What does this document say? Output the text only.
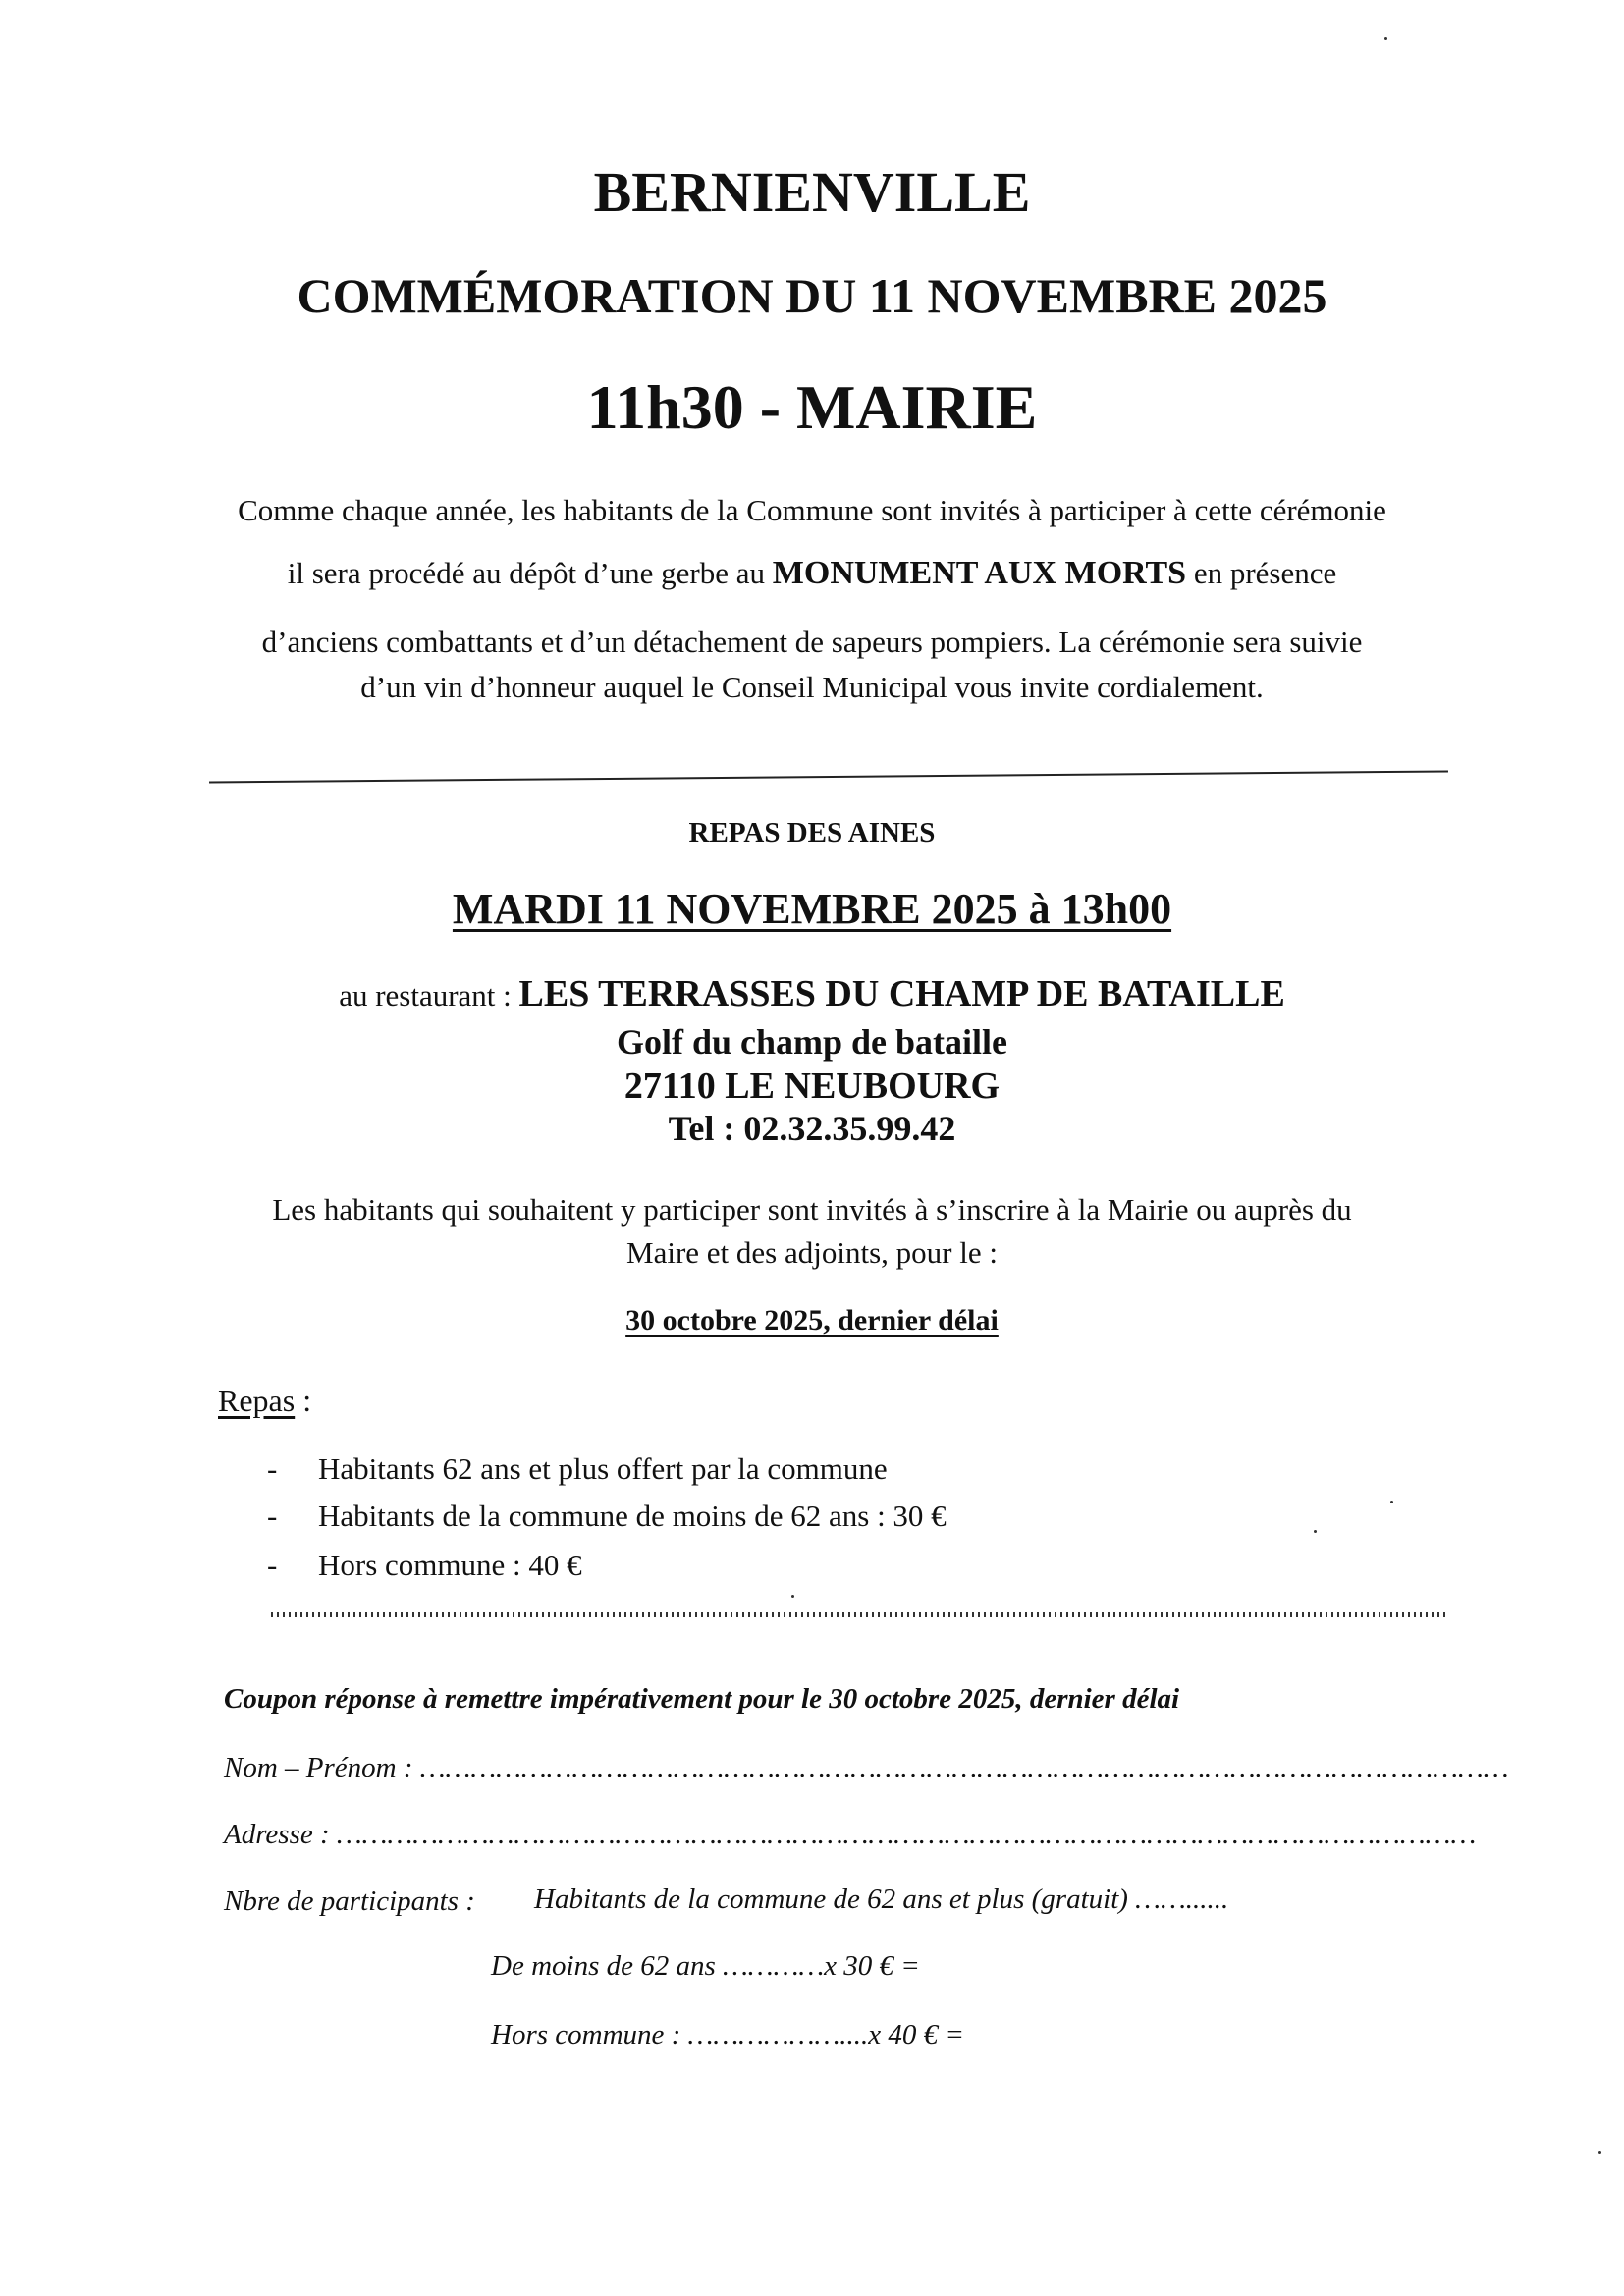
BERNIENVILLE
COMMÉMORATION DU 11 NOVEMBRE 2025
11h30 - MAIRIE
Comme chaque année, les habitants de la Commune sont invités à participer à cette cérémonie
il sera procédé au dépôt d’une gerbe au MONUMENT AUX MORTS en présence
d’anciens combattants et d’un détachement de sapeurs pompiers. La cérémonie sera suivie
d’un vin d’honneur auquel le Conseil Municipal vous invite cordialement.
REPAS DES AINES
MARDI 11 NOVEMBRE 2025 à 13h00
au restaurant : LES TERRASSES DU CHAMP DE BATAILLE
Golf du champ de bataille
27110 LE NEUBOURG
Tel : 02.32.35.99.42
Les habitants qui souhaitent y participer sont invités à s’inscrire à la Mairie ou auprès du
Maire et des adjoints, pour le :
30 octobre 2025, dernier délai
Repas :
- Habitants 62 ans et plus offert par la commune
- Habitants de la commune de moins de 62 ans : 30 €
- Hors commune : 40 €
Coupon réponse à remettre impérativement pour le 30 octobre 2025, dernier délai
Nom – Prénom : …………………………………………………………………………………………………………………
Adresse : ………………………………………………………………………………………………………………………
Nbre de participants : Habitants de la commune de 62 ans et plus (gratuit) ……......
De moins de 62 ans …………x 30 € =
Hors commune : ………………....x 40 € =
